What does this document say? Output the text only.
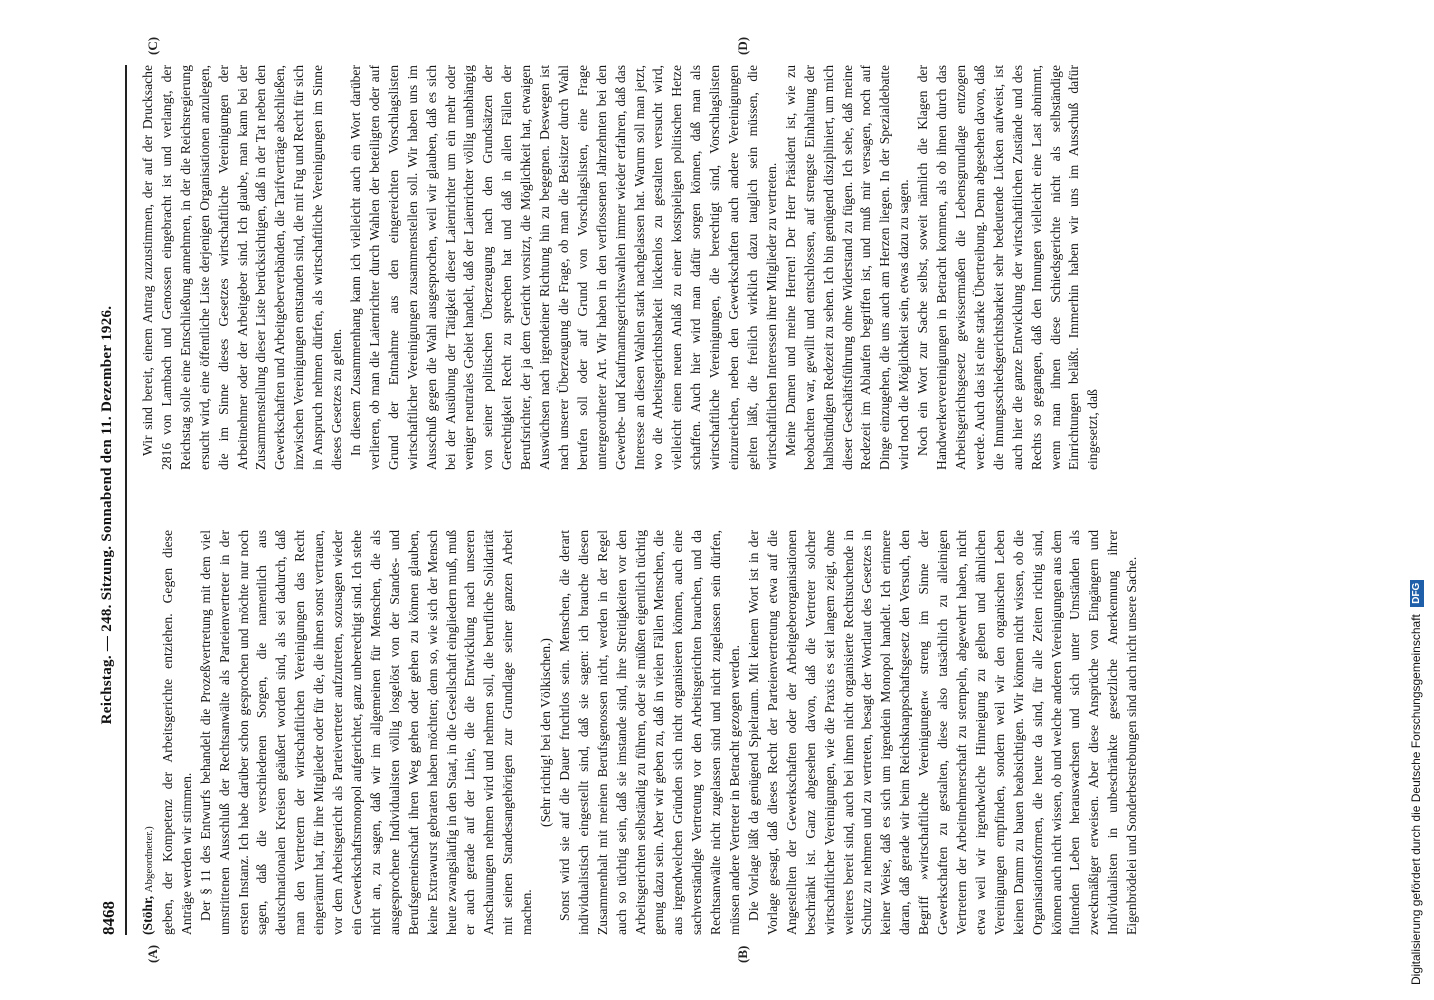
8468
Reichstag. — 248. Sitzung. Sonnabend den 11. Dezember 1926.

(Stöhr, Abgeordneter.) geben, der Kompetenz der Arbeitsgerichte entziehen. Gegen diese Anträge werden wir stimmen. Der § 11 des Entwurfs behandelt die Prozeßvertretung mit dem viel umstrittenen Ausschluß der Rechtsanwälte als Parteienvertreter in der ersten Instanz. Ich habe darüber schon gesprochen und möchte nur noch sagen, daß die verschiedenen Sorgen, die namentlich aus deutschnationalen Kreisen geäußert worden sind, als sei dadurch, daß man den Vertretern der wirtschaftlichen Vereinigungen das Recht eingeräumt hat, für ihre Mitglieder oder für die, die ihnen sonst vertrauen, vor dem Arbeitsgericht als Parteivertreter aufzutreten, sozusagen wieder ein Gewerkschaftsmonopol aufgerichtet, ganz unberechtigt sind. Ich stehe nicht an, zu sagen, daß wir im allgemeinen für Menschen, die als ausgesprochene Individualisten völlig losgelöst von der Standes- und Berufsgemeinschaft ihren Weg gehen oder gehen zu können glauben, keine Extrawurst gebraten haben möchten; denn so, wie sich der Mensch heute zwangsläufig in den Staat, in die Gesellschaft eingliedern muß, muß er auch gerade auf der Linie, die die Entwicklung nach unseren Anschauungen nehmen wird und nehmen soll, die berufliche Solidarität mit seinen Standesangehörigen zur Grundlage seiner ganzen Arbeit machen.

(Sehr richtig! bei den Völkischen.) Sonst wird sie auf die Dauer fruchtlos sein. Menschen, die derart individualistisch eingestellt sind, daß sie sagen: ich brauche diesen Zusammenhalt mit meinen Berufsgenossen nicht, werden in der Regel auch so tüchtig sein, daß sie imstande sind, ihre Streitigkeiten vor den Arbeitsgerichten selbständig zu führen, oder sie müßten eigentlich tüchtig genug dazu sein. Aber wir geben zu, daß in vielen Fällen Menschen, die aus irgendwelchen Gründen sich nicht organisieren können, auch eine sachverständige Vertretung vor den Arbeitsgerichten brauchen, und da Rechtsanwälte nicht zugelassen sind und nicht zugelassen sein dürfen, müssen andere Vertreter in Betracht gezogen werden. Die Vorlage läßt da genügend Spielraum. Mit keinem Wort ist in der Vorlage gesagt, daß dieses Recht der Parteienvertretung etwa auf die Angestellten der Gewerkschaften oder der Arbeitgeberorganisationen beschränkt ist. Ganz abgesehen davon, daß die Vertreter solcher wirtschaftlicher Vereinigungen, wie die Praxis es seit langem zeigt, ohne weiteres bereit sind, auch bei ihnen nicht organisierte Rechtsuchende in Schutz zu nehmen und zu vertreten, besagt der Wortlaut des Gesetzes in keiner Weise, daß es sich um irgendein Monopol handelt. Ich erinnere daran, daß gerade wir beim Reichsknappschaftsgesetz den Versuch, den Begriff »wirtschaftliche Vereinigungen« streng im Sinne der Gewerkschaften zu gestalten, diese also tatsächlich zu alleinigen Vertretern der Arbeitnehmerschaft zu stempeln, abgewehrt haben, nicht etwa weil wir irgendwelche Hinneigung zu gelben und ähnlichen Vereinigungen empfinden, sondern weil wir den organischen Leben keinen Damm zu bauen beabsichtigen. Wir können nicht wissen, ob die Organisationsformen, die heute da sind, für alle Zeiten richtig sind, können auch nicht wissen, ob und welche anderen Vereinigungen aus dem flutenden Leben herauswachsen und sich unter Umständen als zweckmäßiger erweisen. Aber diese Ansprüche von Eingängern und Individualisten in unbeschränkte gesetzliche Anerkennung ihrer Eigenbrödelei und Sonderbestrebungen sind auch nicht unsere Sache.

Wir sind bereit, einem Antrag zuzustimmen, der auf der Drucksache 2816 von Lambach und Genossen eingebracht ist und verlangt, der Reichstag solle eine Entschließung annehmen, in der die Reichsregierung ersucht wird, eine öffentliche Liste derjenigen Organisationen anzulegen, die im Sinne dieses Gesetzes wirtschaftliche Vereinigungen der Arbeitnehmer oder der Arbeitgeber sind. Ich glaube, man kann bei der Zusammenstellung dieser Liste berücksichtigen, daß in der Tat neben den Gewerkschaften und Arbeitgeberverbänden, die Tarifverträge abschließen, inzwischen Vereinigungen entstanden sind, die mit Fug und Recht für sich in Anspruch nehmen dürfen, als wirtschaftliche Vereinigungen im Sinne dieses Gesetzes zu gelten. In diesem Zusammenhang kann ich vielleicht auch ein Wort darüber verlieren, ob man die Laienrichter durch Wahlen der beteiligten oder auf Grund der Entnahme aus den eingereichten Vorschlagslisten wirtschaftlicher Vereinigungen zusammenstellen soll. Wir haben uns im Ausschuß gegen die Wahl ausgesprochen, weil wir glauben, daß es sich bei der Ausübung der Tätigkeit dieser Laienrichter um ein mehr oder weniger neutrales Gebiet handelt, daß der Laienrichter völlig unabhängig von seiner politischen Überzeugung nach den Grundsätzen der Gerechtigkeit Recht zu sprechen hat und daß in allen Fällen der Berufsrichter, der ja dem Gericht vorsitzt, die Möglichkeit hat, etwaigen Auswüchsen nach irgendeiner Richtung hin zu begegnen. Deswegen ist nach unserer Überzeugung die Frage, ob man die Beisitzer durch Wahl berufen soll oder auf Grund von Vorschlagslisten, eine Frage untergeordneter Art. Wir haben in den verflossenen Jahrzehnten bei den Gewerbe- und Kaufmannsgerichtswahlen immer wieder erfahren, daß das Interesse an diesen Wahlen stark nachgelassen hat. Warum soll man jetzt, wo die Arbeitsgerichtsbarkeit lückenlos zu gestalten versucht wird, vielleicht einen neuen Anlaß zu einer kostspieligen politischen Hetze schaffen. Auch hier wird man dafür sorgen können, daß man als wirtschaftliche Vereinigungen, die berechtigt sind, Vorschlagslisten einzureichen, neben den Gewerkschaften auch andere Vereinigungen gelten läßt, die freilich wirklich dazu tauglich sein müssen, die wirtschaftlichen Interessen ihrer Mitglieder zu vertreten. Meine Damen und meine Herren! Der Herr Präsident ist, wie zu beobachten war, gewillt und entschlossen, auf strengste Einhaltung der halbstündigen Redezeit zu sehen. Ich bin genügend diszipliniert, um mich dieser Geschäftsführung ohne Widerstand zu fügen. Ich sehe, daß meine Redezeit im Ablaufen begriffen ist, und muß mir versagen, noch auf Dinge einzugehen, die uns auch am Herzen liegen. In der Spezialdebatte wird noch die Möglichkeit sein, etwas dazu zu sagen. Noch ein Wort zur Sache selbst, soweit nämlich die Klagen der Handwerkervereinigungen in Betracht kommen, als ob ihnen durch das Arbeitsgerichtsgesetz gewissermaßen die Lebensgrundlage entzogen werde. Auch das ist eine starke Übertreibung. Denn abgesehen davon, daß die Innungsschiedsgerichtsbarkeit sehr bedeutende Lücken aufweist, ist auch hier die ganze Entwicklung der wirtschaftlichen Zustände und des Rechts so gegangen, daß den Innungen vielleicht eine Last abnimmt, wenn man ihnen diese Schiedsgerichte nicht als selbständige Einrichtungen beläßt. Immerhin haben wir uns im Ausschuß dafür eingesetzt, daß

(A)	(B)
(C)	(D)
Digitalisierung gefördert durch die Deutsche Forschungsgemeinschaft DFG
